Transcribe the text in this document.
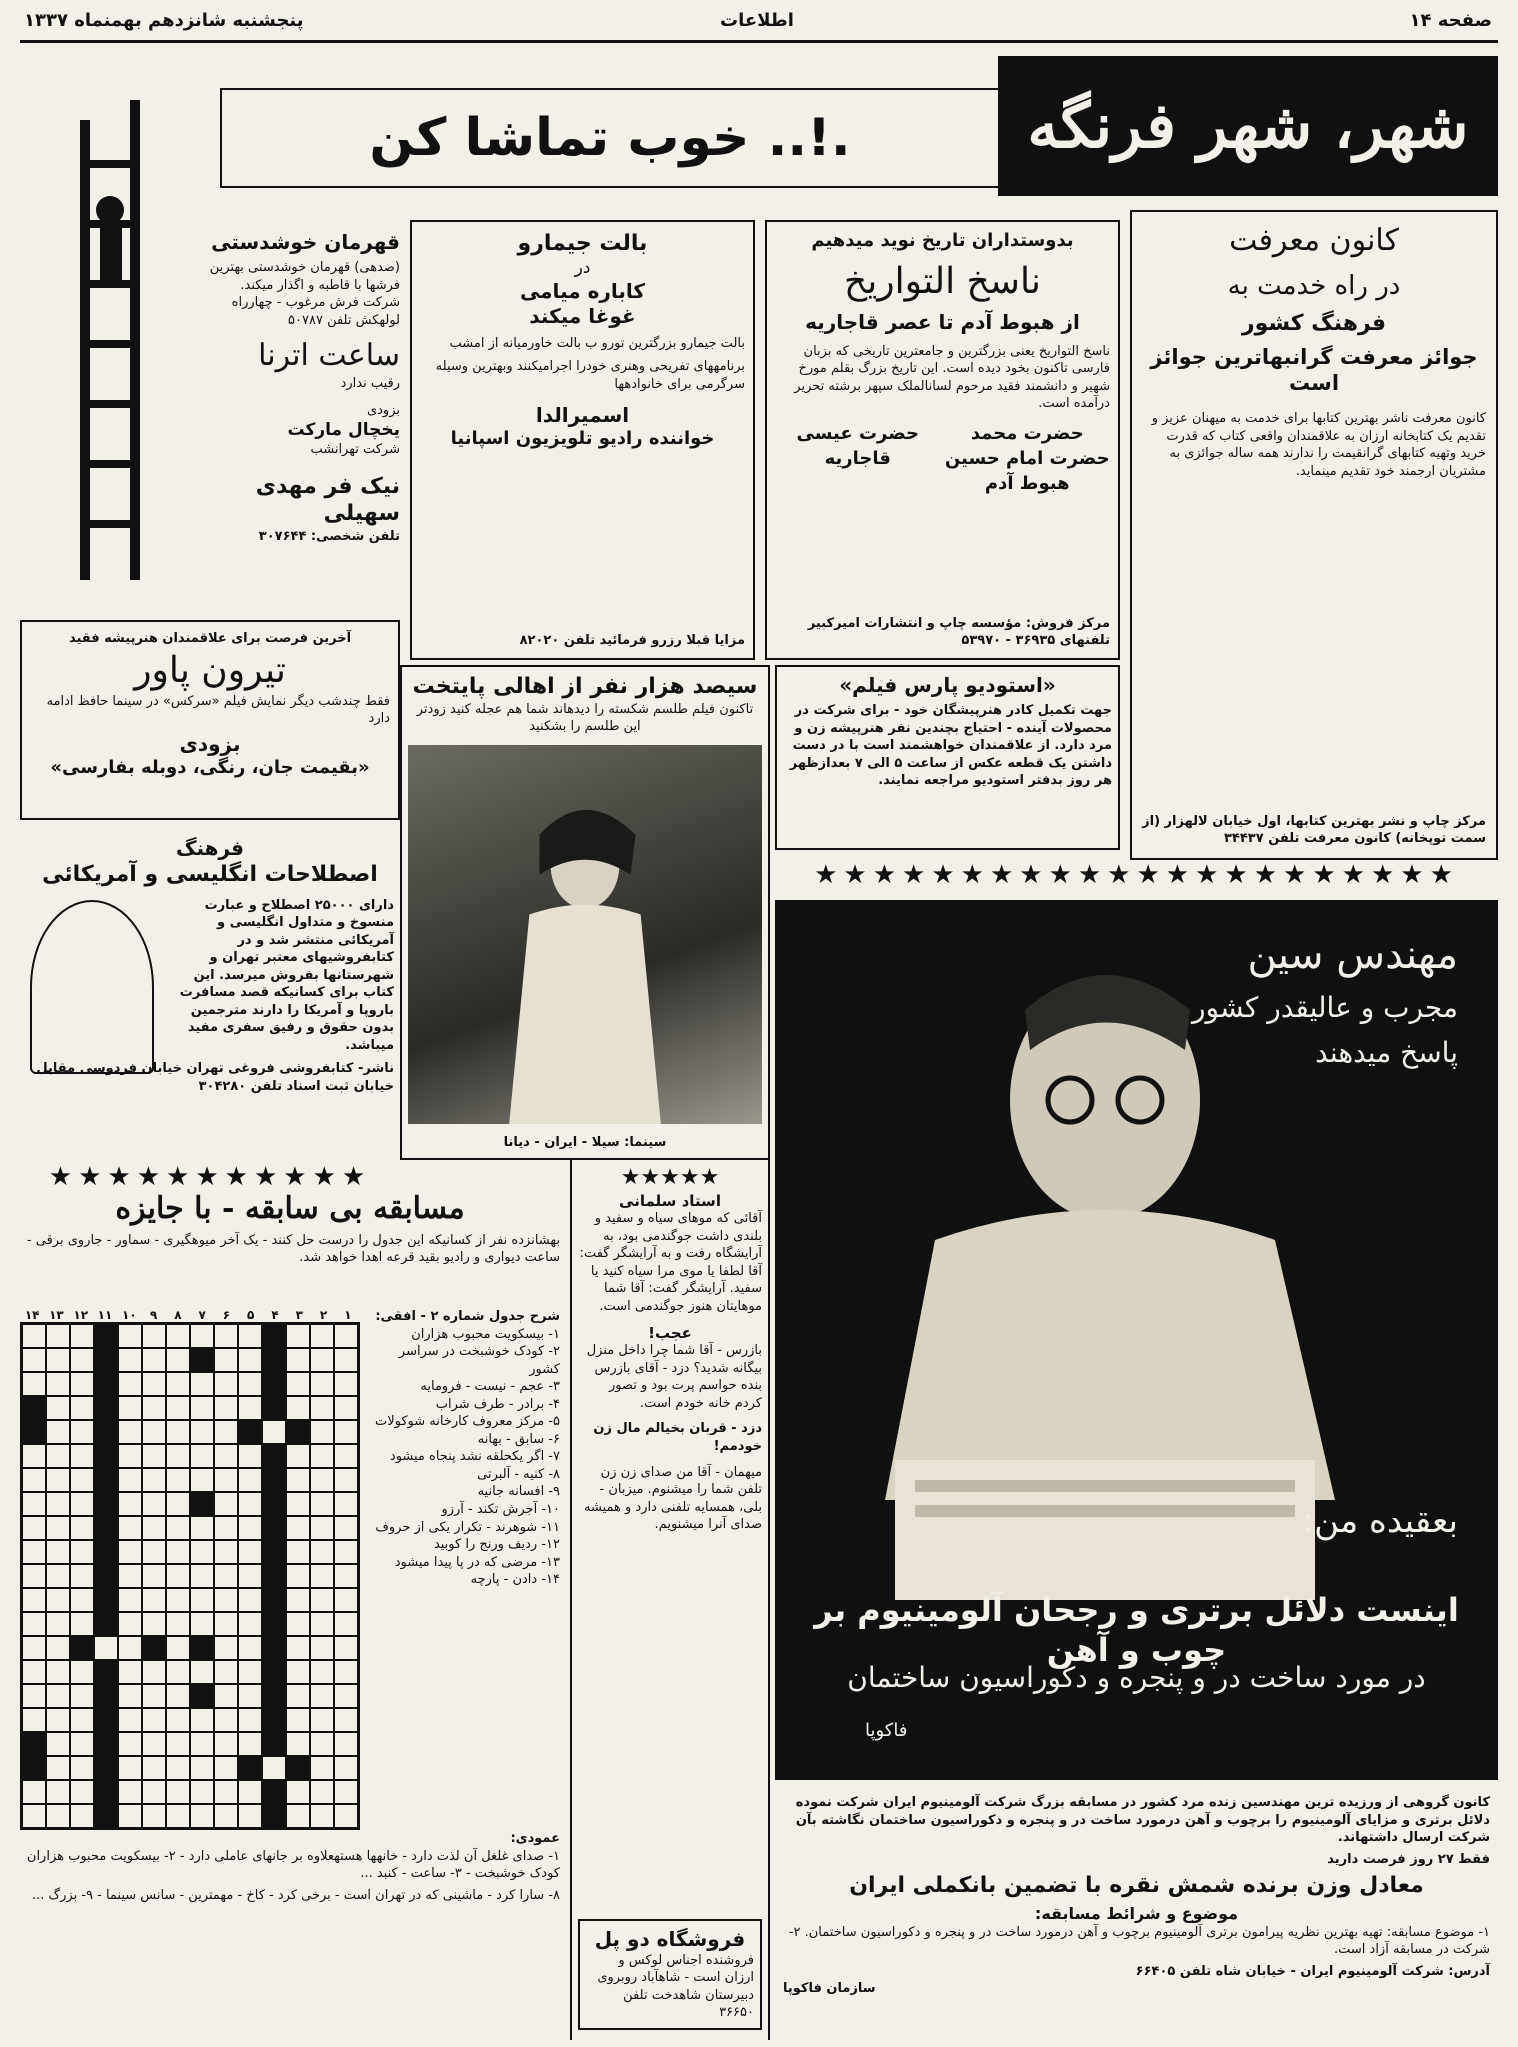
صفحه ۱۴
اطلاعات
پنجشنبه شانزدهم بهمنماه ۱۳۳۷
شهر، شهر فرنگه
خوب تماشا کن ..!.

کانون معرفت

در راه خدمت به

فرهنگ کشور

جوائز معرفت گرانبهاترین جوائز است

کانون معرفت ناشر بهترین کتابها برای خدمت به میهنان عزیز و تقدیم یک کتابخانه ارزان به علاقمندان واقعی کتاب که قدرت خرید وتهیه کتابهای گرانقیمت را ندارند همه ساله جوائزی به مشتریان ارجمند خود تقدیم مینماید.

مرکز چاپ و نشر بهترین کتابها، اول خیابان لالهزار (از سمت توپخانه) کانون معرفت تلفن ۳۴۴۳۷

بدوستداران تاریخ نوید میدهیم

ناسخ التواریخ

از هبوط آدم تا عصر قاجاریه

ناسخ التواریخ یعنی بزرگترین و جامعترین تاریخی که بزبان فارسی تاکنون بخود دیده است. این تاریخ بزرگ بقلم مورخ شهیر و دانشمند فقید مرحوم لسانالملک سپهر برشته تحریر درآمده است.

حضرت محمد
حضرت عیسی
حضرت امام حسین
قاجاریه
هبوط آدم

مرکز فروش: مؤسسه چاپ و انتشارات امیرکبیر تلفنهای ۳۶۹۳۵ - ۵۳۹۷۰

بالت جیمارو

در

کاباره میامی

غوغا میکند

بالت جیمارو بزرگترین تورو ب بالت خاورمیانه از امشب

برنامههای تفریحی وهنری خودرا اجرامیکنند وبهترین وسیله سرگرمی برای خانوادهها

اسمیرالدا

خواننده رادیو تلویزیون اسپانیا

مزایا قبلا رزرو فرمائید تلفن ۸۲۰۲۰

قهرمان خوشدستی

(صدهی) قهرمان خوشدستی بهترین فرشها با قاطبه و اگذار میکند. شرکت فرش مرغوب - چهارراه لولهکش تلفن ۵۰۷۸۷

ساعت اترنا

رقیب ندارد

بزودی

یخچال مارکت

شرکت تهرانشب

نیک فر مهدی سهیلی

تلفن شخصی: ۳۰۷۶۴۴

آخرین فرصت برای علاقمندان هنرپیشه فقید

تیرون پاور

فقط چندشب دیگر نمایش فیلم «سرکس» در سینما حافظ ادامه دارد

بزودی

«بقیمت جان، رنگی، دوبله بفارسی»

فرهنگ

اصطلاحات انگلیسی و آمریکائی

دارای ۲۵۰۰۰ اصطلاح و عبارت منسوخ و متداول انگلیسی و آمریکائی منتشر شد و در کتابفروشیهای معتبر تهران و شهرستانها بفروش میرسد. این کتاب برای کسانیکه قصد مسافرت باروپا و آمریکا را دارند مترجمین بدون حقوق و رفیق سفری مفید میباشد.

ناشر- کتابفروشی فروغی تهران خیابان فردوسی مقابل خیابان ثبت اسناد تلفن ۳۰۴۲۸۰

سیصد هزار نفر از اهالی پایتخت

تاکنون فیلم طلسم شکسته را دیدهاند شما هم عجله کنید زودتر این طلسم را بشکنید

سینما: سیلا - ایران - دیانا

«استودیو پارس فیلم»

جهت تکمیل کادر هنرپیشگان خود - برای شرکت در محصولات آینده - احتیاج بچندین نفر هنرپیشه زن و مرد دارد. از علاقمندان خواهشمند است با در دست داشتن یک قطعه عکس از ساعت ۵ الی ۷ بعدازظهر هر روز بدفتر استودیو مراجعه نمایند.

★★★★★★★★★★★★★★★★★★★★★★

مهندس سین

مجرب و عالیقدر کشور

پاسخ میدهند

بعقیده من:

اینست دلائل برتری و رجحان آلومینیوم بر چوب و آهن

در مورد ساخت در و پنجره و دکوراسیون ساختمان

فاکوپا

کانون گروهی از ورزیده ترین مهندسین زنده مرد کشور در مسابقه بزرگ شرکت آلومینیوم ایران شرکت نموده دلائل برتری و مزایای آلومینیوم را برچوب و آهن درمورد ساخت در و پنجره و دکوراسیون ساختمان نگاشته بآن شرکت ارسال داشتهاند.

فقط ۲۷ روز فرصت دارید

معادل وزن برنده شمش نقره با تضمین بانکملی ایران

موضوع و شرائط مسابقه:

۱- موضوع مسابقه: تهیه بهترین نظریه پیرامون برتری آلومینیوم برچوب و آهن درمورد ساخت در و پنجره و دکوراسیون ساختمان. ۲- شرکت در مسابقه آزاد است.

آدرس: شرکت آلومینیوم ایران - خیابان شاه تلفن ۶۶۴۰۵

سازمان فاکوپا

★★★★★★★★★★★

مسابقه بی سابقه - با جایزه

بهشانزده نفر از کسانیکه این جدول را درست حل کنند - یک آخر میوهگیری - سماور - جاروی برقی - ساعت دیواری و رادیو بقید قرعه اهدا خواهد شد.

۱۴ ۱۳ ۱۲ ۱۱ ۱۰	۹	۸	۷	۶	۵	۴	۳	۲	۱	شرح جدول شماره ۲ - افقی:

۱- بیسکویت محبوب هزاران

۲- کودک خوشبخت در سراسر کشور

۳- عجم - نیست - فرومایه

۴- برادر - طرف شراب

۵- مرکز معروف کارخانه شوکولات

۶- سابق - بهانه

۷- اگر یکحلقه نشد پنجاه میشود

۸- کنیه - آلبرتی

۹- افسانه جانیه

۱۰- آجرش تکند - آرزو

۱۱- شوهرند - تکرار یکی از حروف

۱۲- ردیف ورنج را کوبید

۱۳- مرضی که در پا پیدا میشود

۱۴- دادن - پارچه

عمودی:

۱- صدای غلغل آن لذت دارد - خانهها هستهعلاوه بر جانهای عاملی دارد - ۲- بیسکویت محبوب هزاران کودک خوشبخت - ۳- ساعت - کنبد ...

۸- سارا کرد - ماشینی که در تهران است - برخی کرد - کاخ - مهمترین - سانس سینما - ۹- بزرگ ...

★★★★★

استاد سلمانی

آقائی که موهای سیاه و سفید و بلندی داشت جوگندمی بود، به آرایشگاه رفت و به آرایشگر گفت: آقا لطفا یا موی مرا سیاه کنید یا سفید. آرایشگر گفت: آقا شما موهایتان هنوز جوگندمی است.

عجب!

بازرس - آقا شما چرا داخل منزل بیگانه شدید؟ دزد - آقای بازرس بنده حواسم پرت بود و تصور کردم خانه خودم است.

دزد - قربان بخیالم مال زن خودمم!

میهمان - آقا من صدای زن زن تلفن شما را میشنوم. میزبان - بلی، همسایه تلفنی دارد و همیشه صدای آنرا میشنویم.

فروشگاه دو پل

فروشنده اجناس لوکس و ارزان است - شاهآباد روبروی دبیرستان شاهدخت تلفن ۳۶۶۵۰
